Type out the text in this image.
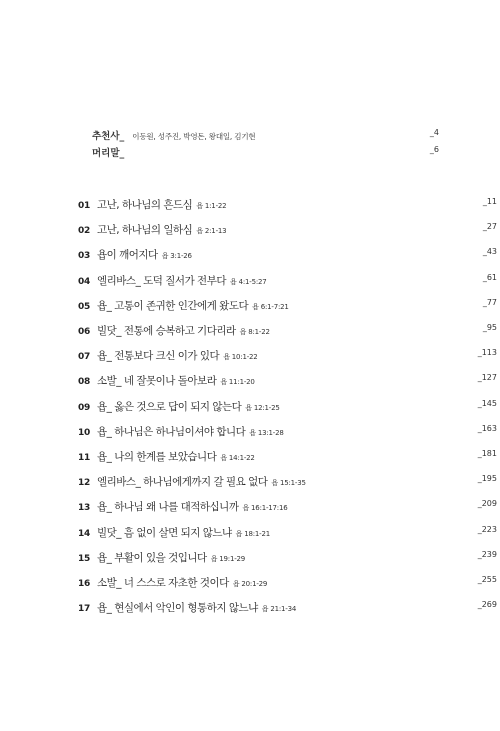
추천사_ 이동원, 성주진, 박영돈, 왕대일, 김기현	_4
머리말_	_6
01 고난, 하나님의 흔드심 욥 1:1-22	_11
02 고난, 하나님의 일하심 욥 2:1-13	_27
03 욥이 깨어지다 욥 3:1-26	_43
04 엘리바스_ 도덕 질서가 전부다 욥 4:1-5:27	_61
05 욥_ 고통이 존귀한 인간에게 왔도다 욥 6:1-7:21	_77
06 빌닷_ 전통에 승복하고 기다리라 욥 8:1-22	_95
07 욥_ 전통보다 크신 이가 있다 욥 10:1-22	_113
08 소발_ 네 잘못이나 돌아보라 욥 11:1-20	_127
09 욥_ 옳은 것으로 답이 되지 않는다 욥 12:1-25	_145
10 욥_ 하나님은 하나님이셔야 합니다 욥 13:1-28	_163
11 욥_ 나의 한계를 보았습니다 욥 14:1-22	_181
12 엘리바스_ 하나님에게까지 갈 필요 없다 욥 15:1-35	_195
13 욥_ 하나님 왜 나를 대적하십니까 욥 16:1-17:16	_209
14 빌닷_ 흠 없이 살면 되지 않느냐 욥 18:1-21	_223
15 욥_ 부활이 있을 것입니다 욥 19:1-29	_239
16 소발_ 너 스스로 자초한 것이다 욥 20:1-29	_255
17 욥_ 현실에서 악인이 형통하지 않느냐 욥 21:1-34	_269
